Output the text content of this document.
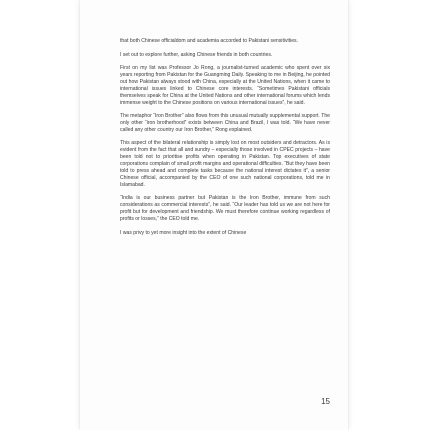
that both Chinese officialdom and academia accorded to Pakistani sensitivities.

I set out to explore further, asking Chinese friends in both countries.

First on my list was Professor Jo Rong, a journalist-turned academic who spent over six years reporting from Pakistan for the Guangming Daily. Speaking to me in Beijing, he pointed out how Pakistan always stood with China, especially at the United Nations, when it came to international issues linked to Chinese core interests. “Sometimes Pakistani officials themselves speak for China at the United Nations and other international forums which lends immense weight to the Chinese positions on various international issues”, he said.

The metaphor “Iron Brother” also flows from this unusual mutually supplemental support. The only other “iron brotherhood” exists between China and Brazil, I was told. “We have never called any other country our Iron Brother,” Rong explained.

This aspect of the bilateral relationship is simply lost on most outsiders and detractors. As is evident from the fact that all and sundry – especially those involved in CPEC projects – have been told not to prioritise profits when operating in Pakistan. Top executives of state corporations complain of small profit margins and operational difficulties. “But they have been told to press ahead and complete tasks because the national interest dictates it”, a senior Chinese official, accompanied by the CEO of one such national corporations, told me in Islamabad.

“India is our business partner but Pakistan is the Iron Brother, immune from such considerations as commercial interests”, he said. “Our leader has told us we are not here for profit but for development and friendship. We must therefore continue working regardless of profits or losses,” the CEO told me.

I was privy to yet more insight into the extent of Chinese

15
